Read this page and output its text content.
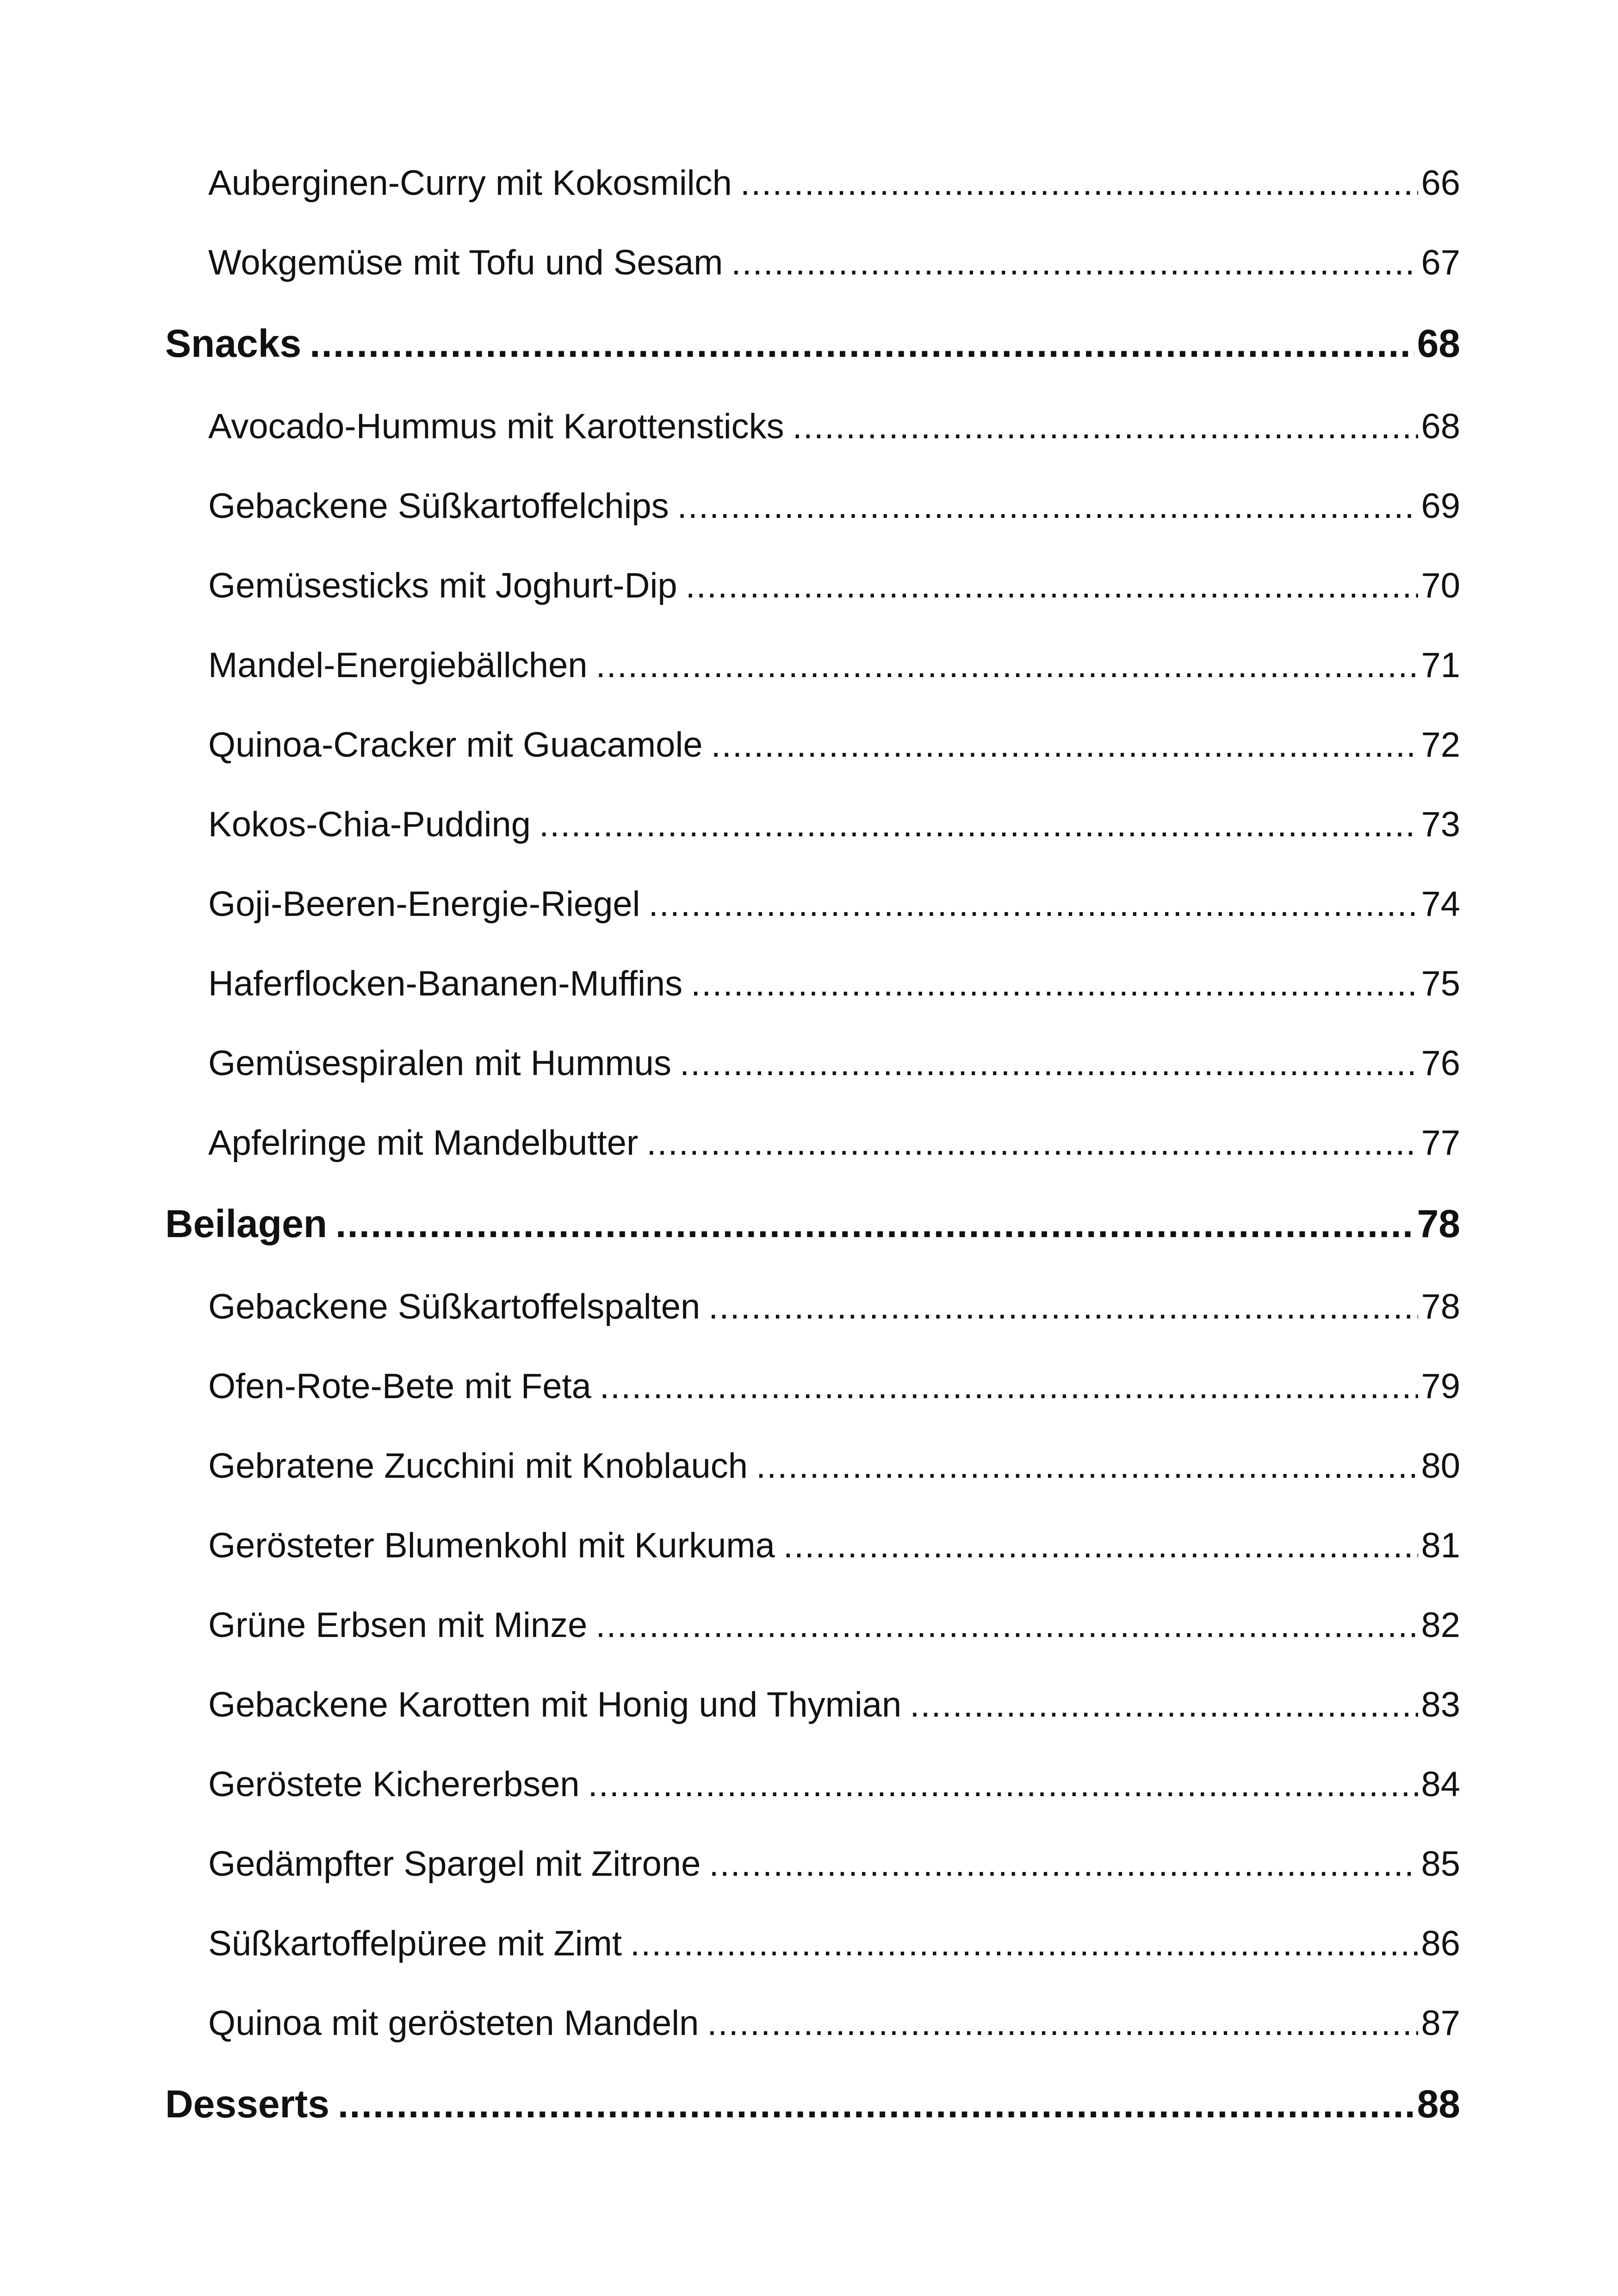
Auberginen-Curry mit Kokosmilch .....	66
Wokgemüse mit Tofu und Sesam .....	67
Snacks .....	68
Avocado-Hummus mit Karottensticks .....	68
Gebackene Süßkartoffelchips .....	69
Gemüsesticks mit Joghurt-Dip .....	70
Mandel-Energiebällchen .....	71
Quinoa-Cracker mit Guacamole .....	72
Kokos-Chia-Pudding .....	73
Goji-Beeren-Energie-Riegel .....	74
Haferflocken-Bananen-Muffins .....	75
Gemüsespiralen mit Hummus .....	76
Apfelringe mit Mandelbutter .....	77
Beilagen .....	78
Gebackene Süßkartoffelspalten .....	78
Ofen-Rote-Bete mit Feta .....	79
Gebratene Zucchini mit Knoblauch .....	80
Gerösteter Blumenkohl mit Kurkuma .....	81
Grüne Erbsen mit Minze .....	82
Gebackene Karotten mit Honig und Thymian .....	83
Geröstete Kichererbsen .....	84
Gedämpfter Spargel mit Zitrone .....	85
Süßkartoffelpüree mit Zimt .....	86
Quinoa mit gerösteten Mandeln .....	87
Desserts .....	88
